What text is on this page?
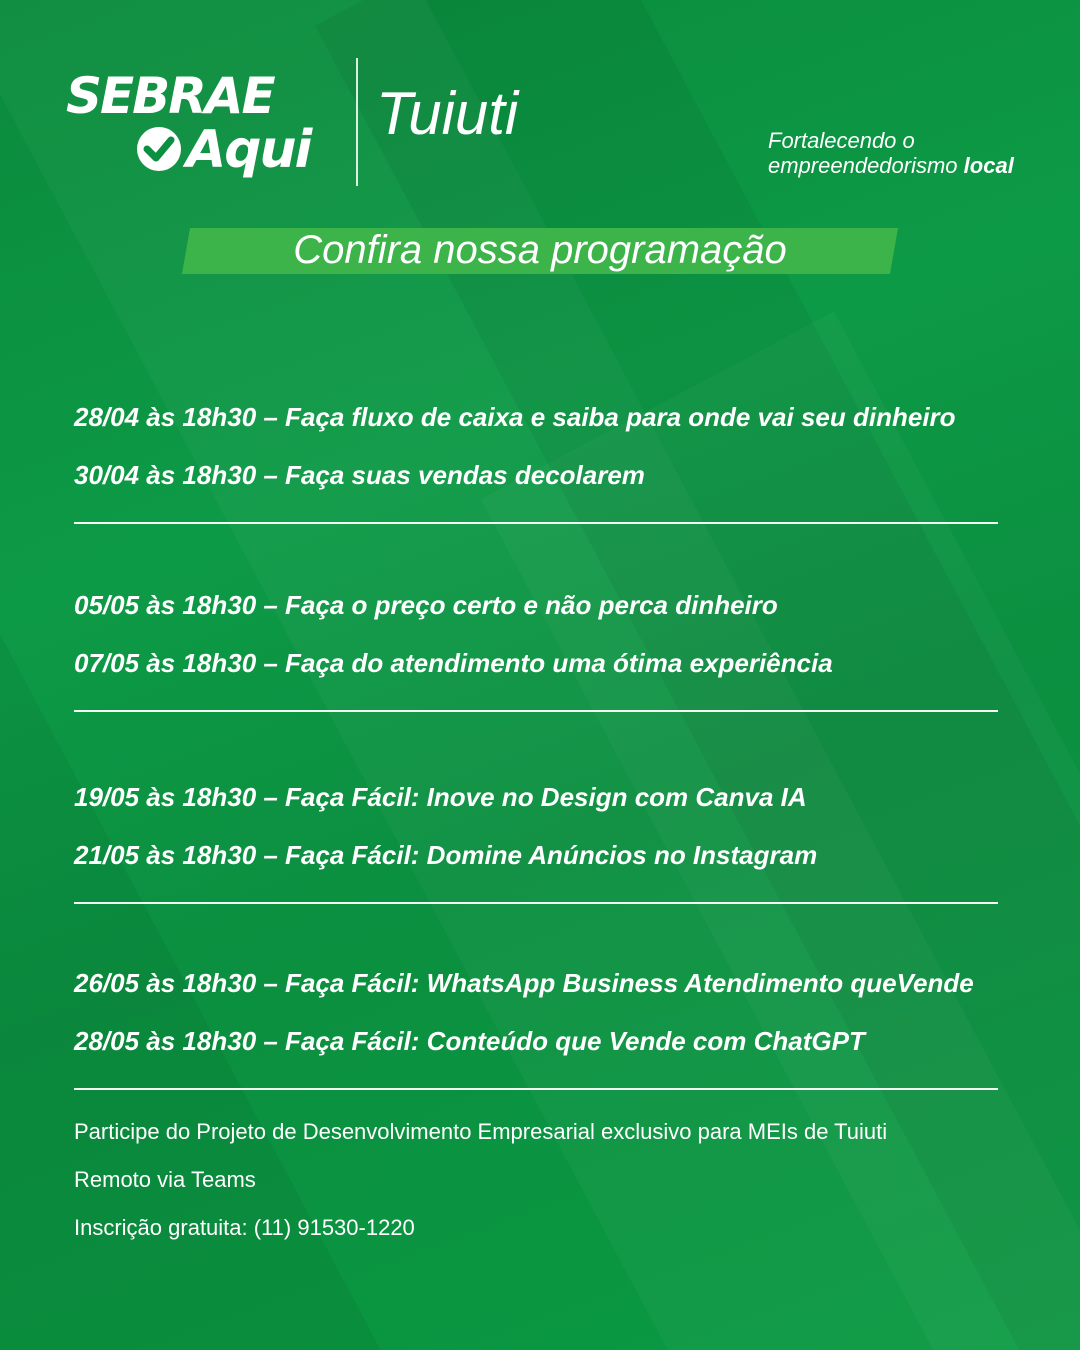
SEBRAE
Aqui
Tuiuti	Fortalecendo o
empreendedorismo local
Confira nossa programação
28/04 às 18h30 – Faça fluxo de caixa e saiba para onde vai seu dinheiro
30/04 às 18h30 – Faça suas vendas decolarem
05/05 às 18h30 – Faça o preço certo e não perca dinheiro
07/05 às 18h30 – Faça do atendimento uma ótima experiência
19/05 às 18h30 – Faça Fácil: Inove no Design com Canva IA
21/05 às 18h30 – Faça Fácil: Domine Anúncios no Instagram
26/05 às 18h30 – Faça Fácil: WhatsApp Business Atendimento queVende
28/05 às 18h30 – Faça Fácil: Conteúdo que Vende com ChatGPT
Participe do Projeto de Desenvolvimento Empresarial exclusivo para MEIs de Tuiuti
Remoto via Teams
Inscrição gratuita: (11) 91530-1220
